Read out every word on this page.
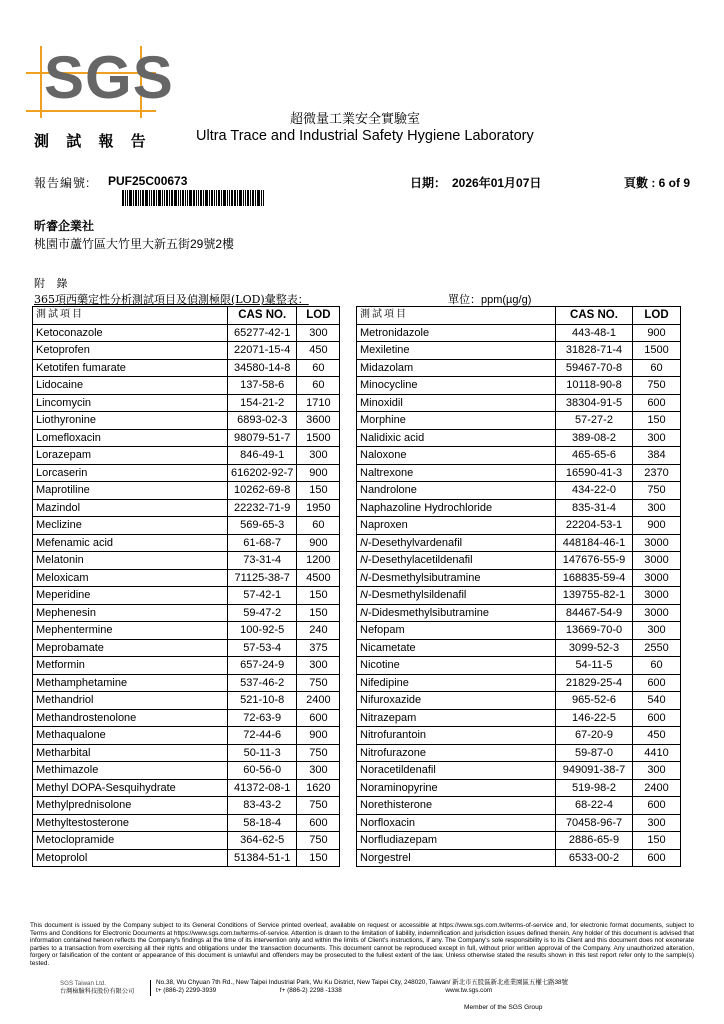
SGS
超微量工業安全實驗室
測 試 報 告	Ultra Trace and Industrial Safety Hygiene Laboratory
報告編號: PUF25C00673	日期： 2026年01月07日	頁數 : 6 of 9
昕睿企業社
桃園市蘆竹區大竹里大新五街29號2樓
附 錄
365項西藥定性分析測試項目及偵測極限(LOD)彙整表：	單位：ppm(µg/g)
測試項目	CAS NO.	LOD
Ketoconazole	65277-42-1	300
Ketoprofen	22071-15-4	450
Ketotifen fumarate	34580-14-8	60
Lidocaine	137-58-6	60
Lincomycin	154-21-2	1710
Liothyronine	6893-02-3	3600
Lomefloxacin	98079-51-7	1500
Lorazepam	846-49-1	300
Lorcaserin	616202-92-7	900
Maprotiline	10262-69-8	150
Mazindol	22232-71-9	1950
Meclizine	569-65-3	60
Mefenamic acid	61-68-7	900
Melatonin	73-31-4	1200
Meloxicam	71125-38-7	4500
Meperidine	57-42-1	150
Mephenesin	59-47-2	150
Mephentermine	100-92-5	240
Meprobamate	57-53-4	375
Metformin	657-24-9	300
Methamphetamine	537-46-2	750
Methandriol	521-10-8	2400
Methandrostenolone	72-63-9	600
Methaqualone	72-44-6	900
Metharbital	50-11-3	750
Methimazole	60-56-0	300
Methyl DOPA-Sesquihydrate	41372-08-1	1620
Methylprednisolone	83-43-2	750
Methyltestosterone	58-18-4	600
Metoclopramide	364-62-5	750
Metoprolol	51384-51-1	150
測試項目	CAS NO.	LOD
Metronidazole	443-48-1	900
Mexiletine	31828-71-4	1500
Midazolam	59467-70-8	60
Minocycline	10118-90-8	750
Minoxidil	38304-91-5	600
Morphine	57-27-2	150
Nalidixic acid	389-08-2	300
Naloxone	465-65-6	384
Naltrexone	16590-41-3	2370
Nandrolone	434-22-0	750
Naphazoline Hydrochloride	835-31-4	300
Naproxen	22204-53-1	900
N-Desethylvardenafil	448184-46-1	3000
N-Desethylacetildenafil	147676-55-9	3000
N-Desmethylsibutramine	168835-59-4	3000
N-Desmethylsildenafil	139755-82-1	3000
N-Didesmethylsibutramine	84467-54-9	3000
Nefopam	13669-70-0	300
Nicametate	3099-52-3	2550
Nicotine	54-11-5	60
Nifedipine	21829-25-4	600
Nifuroxazide	965-52-6	540
Nitrazepam	146-22-5	600
Nitrofurantoin	67-20-9	450
Nitrofurazone	59-87-0	4410
Noracetildenafil	949091-38-7	300
Noraminopyrine	519-98-2	2400
Norethisterone	68-22-4	600
Norfloxacin	70458-96-7	300
Norfludiazepam	2886-65-9	150
Norgestrel	6533-00-2	600
This document is issued by the Company subject to its General Conditions of Service printed overleaf, available on request or accessible at https://www.sgs.com.tw/terms-of-service and, for electronic format documents, subject to Terms and Conditions for Electronic Documents at https://www.sgs.com.tw/terms-of-service. Attention is drawn to the limitation of liability, indemnification and jurisdiction issues defined therein. Any holder of this document is advised that information contained hereon reflects the Company's findings at the time of its intervention only and within the limits of Client's instructions, if any. The Company's sole responsibility is to its Client and this document does not exonerate parties to a transaction from exercising all their rights and obligations under the transaction documents. This document cannot be reproduced except in full, without prior written approval of the Company. Any unauthorized alteration, forgery or falsification of the content or appearance of this document is unlawful and offenders may be prosecuted to the fullest extent of the law. Unless otherwise stated the results shown in this test report refer only to the sample(s) tested.
SGS Taiwan Ltd.
台灣檢驗科技股份有限公司
No.38, Wu Chyuan 7th Rd., New Taipei Industrial Park, Wu Ku District, New Taipei City, 248020, Taiwan/ 新北市五股區新北產業園區五權七路38號
t+ (886-2) 2299-3939	f+ (886-2) 2298 -1338	www.tw.sgs.com
Member of the SGS Group
